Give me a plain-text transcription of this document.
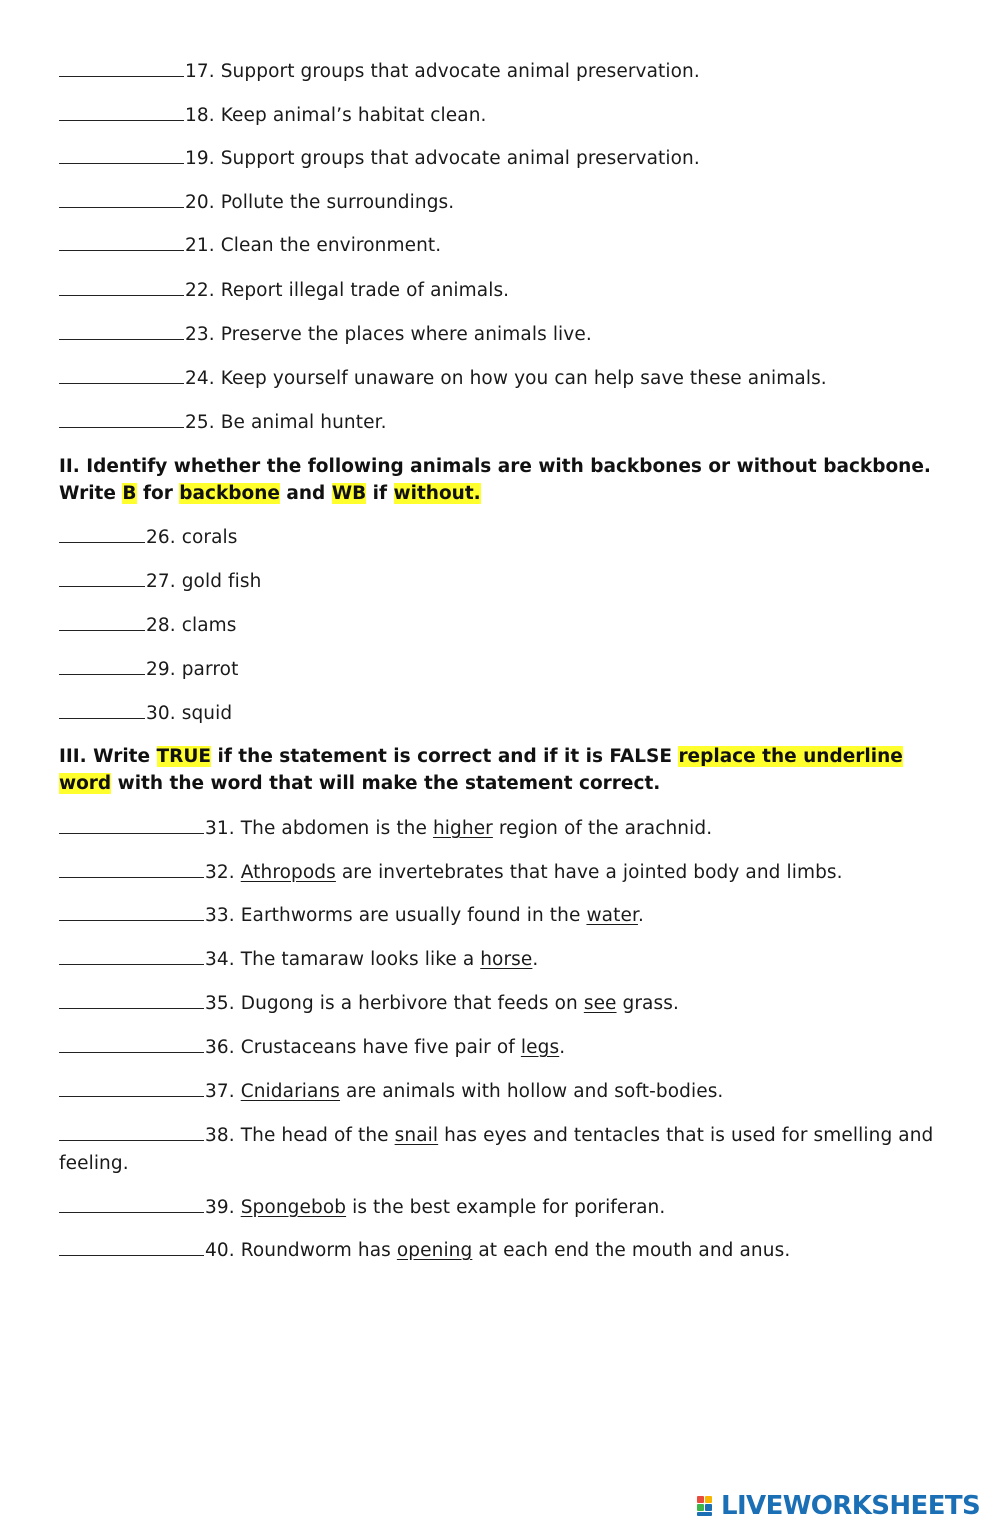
17. Support groups that advocate animal preservation.
18. Keep animal’s habitat clean.
19. Support groups that advocate animal preservation.
20. Pollute the surroundings.
21. Clean the environment.
22. Report illegal trade of animals.
23. Preserve the places where animals live.
24. Keep yourself unaware on how you can help save these animals.
25. Be animal hunter.
II. Identify whether the following animals are with backbones or without backbone. Write B for backbone and WB if without.
26. corals
27. gold fish
28. clams
29. parrot
30. squid
III. Write TRUE if the statement is correct and if it is FALSE replace the underline word with the word that will make the statement correct.
31. The abdomen is the higher region of the arachnid.
32. Athropods are invertebrates that have a jointed body and limbs.
33. Earthworms are usually found in the water.
34. The tamaraw looks like a horse.
35. Dugong is a herbivore that feeds on see grass.
36. Crustaceans have five pair of legs.
37. Cnidarians are animals with hollow and soft-bodies.
38. The head of the snail has eyes and tentacles that is used for smelling and feeling.
39. Spongebob is the best example for poriferan.
40. Roundworm has opening at each end the mouth and anus.
LIVEWORKSHEETS
